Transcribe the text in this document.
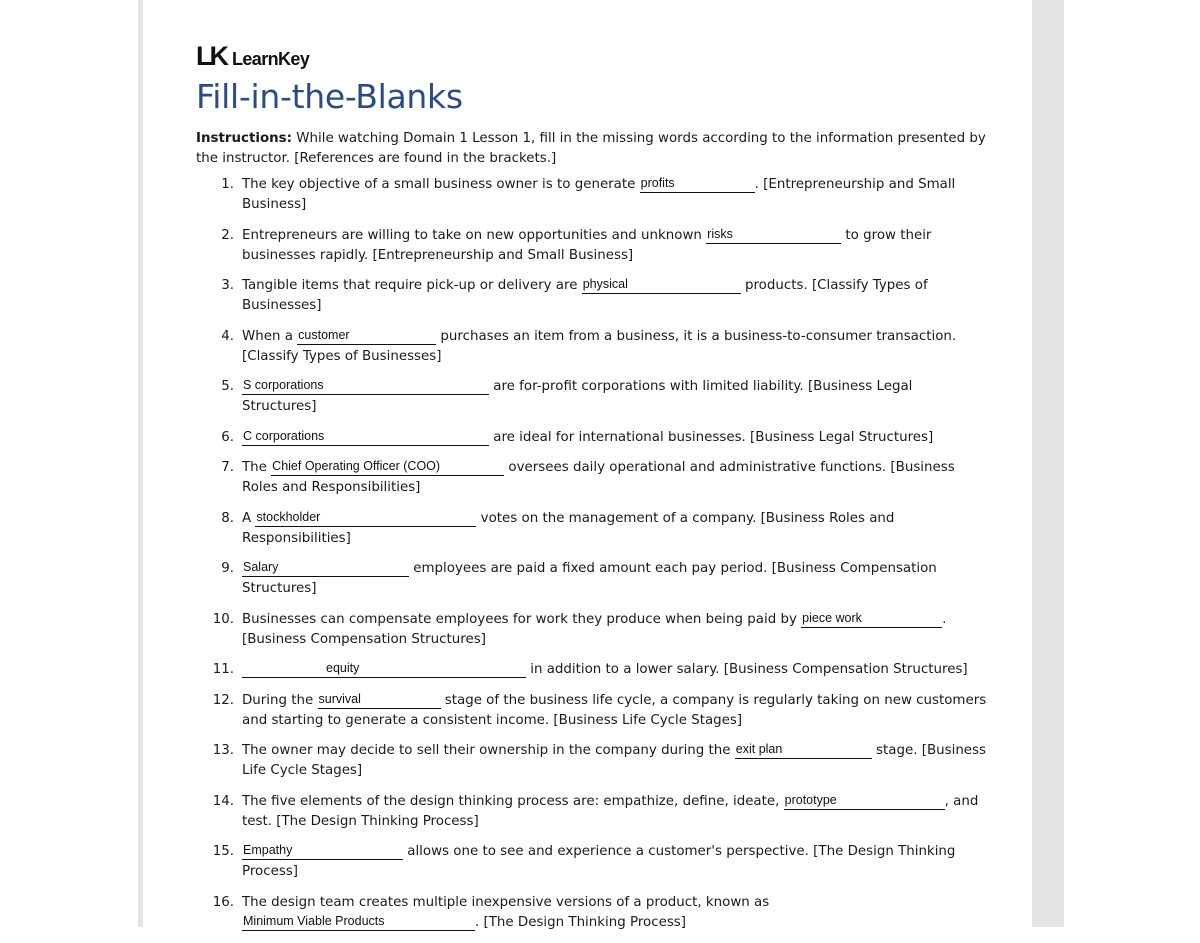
LK LearnKey
Fill-in-the-Blanks
Instructions: While watching Domain 1 Lesson 1, fill in the missing words according to the information presented by the instructor. [References are found in the brackets.]
1. The key objective of a small business owner is to generate profits	. [Entrepreneurship and Small Business]
2. Entrepreneurs are willing to take on new opportunities and unknown risks	to grow their businesses rapidly. [Entrepreneurship and Small Business]
3. Tangible items that require pick-up or delivery are physical	products. [Classify Types of Businesses]
4. When a customer	purchases an item from a business, it is a business-to-consumer transaction. [Classify Types of Businesses]
5. S corporations	are for-profit corporations with limited liability. [Business Legal Structures]
6. C corporations	are ideal for international businesses. [Business Legal Structures]
7. The Chief Operating Officer (COO)	oversees daily operational and administrative functions. [Business Roles and Responsibilities]
8. A stockholder	votes on the management of a company. [Business Roles and Responsibilities]
9. Salary	employees are paid a fixed amount each pay period. [Business Compensation Structures]
10. Businesses can compensate employees for work they produce when being paid by piece work	. [Business Compensation Structures]
11.	equity	in addition to a lower salary. [Business Compensation Structures]
12. During the survival	stage of the business life cycle, a company is regularly taking on new customers and starting to generate a consistent income. [Business Life Cycle Stages]
13. The owner may decide to sell their ownership in the company during the exit plan	stage. [Business Life Cycle Stages]
14. The five elements of the design thinking process are: empathize, define, ideate, prototype	, and test. [The Design Thinking Process]
15. Empathy	allows one to see and experience a customer's perspective. [The Design Thinking Process]
16. The design team creates multiple inexpensive versions of a product, known as Minimum Viable Products	. [The Design Thinking Process]
